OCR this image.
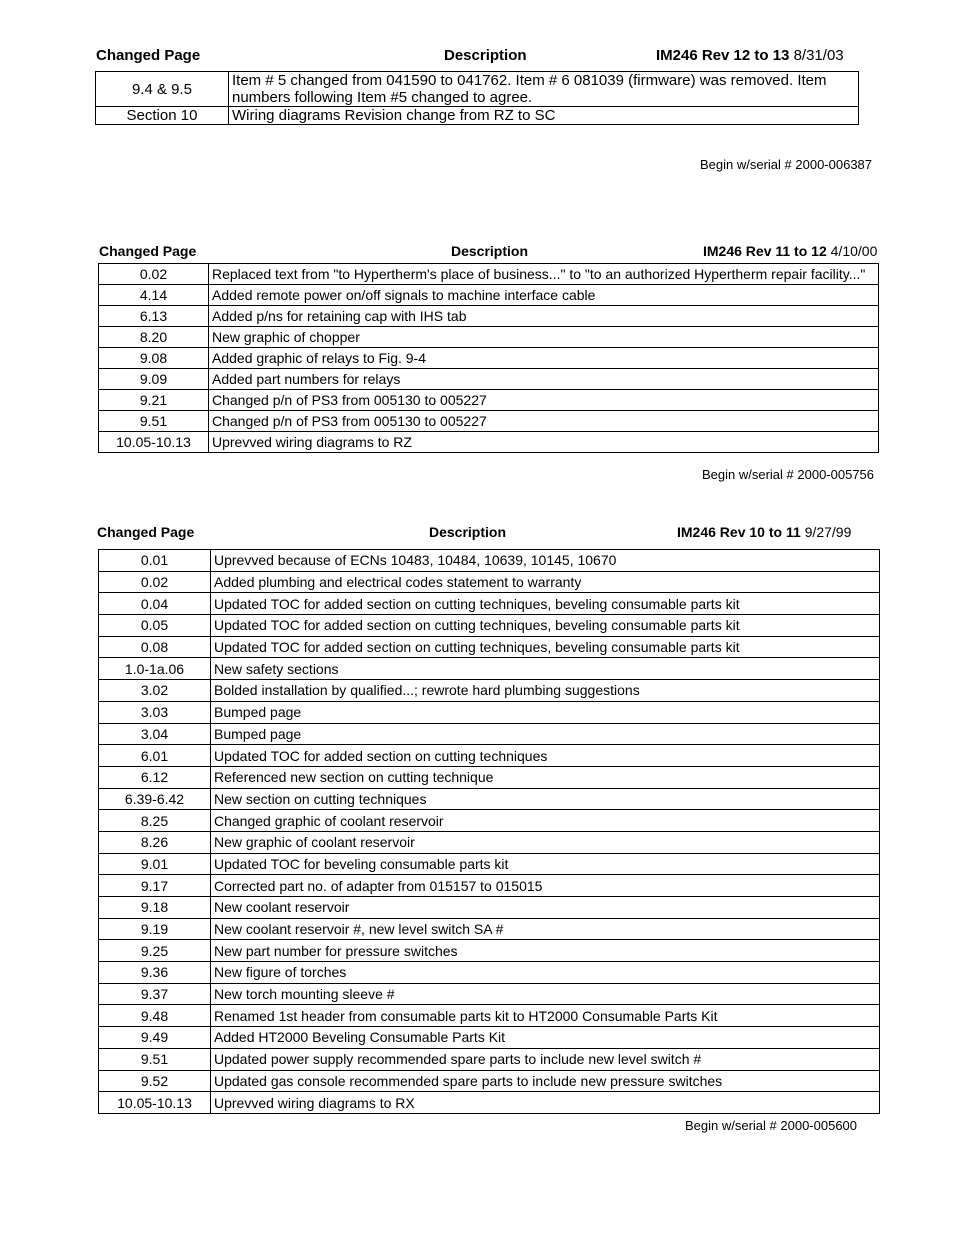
Changed Page	Description	IM246 Rev 12 to 13 8/31/03
9.4 & 9.5	Item # 5 changed from 041590 to 041762. Item # 6 081039 (firmware) was removed. Item numbers following Item #5 changed to agree.
Section 10	Wiring diagrams Revision change from RZ to SC
Begin w/serial # 2000-006387
Changed Page	Description	IM246 Rev 11 to 12 4/10/00
0.02	Replaced text from "to Hypertherm's place of business..." to "to an authorized Hypertherm repair facility..."
4.14	Added remote power on/off signals to machine interface cable
6.13	Added p/ns for retaining cap with IHS tab
8.20	New graphic of chopper
9.08	Added graphic of relays to Fig. 9-4
9.09	Added part numbers for relays
9.21	Changed p/n of PS3 from 005130 to 005227
9.51	Changed p/n of PS3 from 005130 to 005227
10.05-10.13	Uprevved wiring diagrams to RZ
Begin w/serial # 2000-005756
Changed Page	Description	IM246 Rev 10 to 11 9/27/99
0.01	Uprevved because of ECNs 10483, 10484, 10639, 10145, 10670
0.02	Added plumbing and electrical codes statement to warranty
0.04	Updated TOC for added section on cutting techniques, beveling consumable parts kit
0.05	Updated TOC for added section on cutting techniques, beveling consumable parts kit
0.08	Updated TOC for added section on cutting techniques, beveling consumable parts kit
1.0-1a.06	New safety sections
3.02	Bolded installation by qualified...; rewrote hard plumbing suggestions
3.03	Bumped page
3.04	Bumped page
6.01	Updated TOC for added section on cutting techniques
6.12	Referenced new section on cutting technique
6.39-6.42	New section on cutting techniques
8.25	Changed graphic of coolant reservoir
8.26	New graphic of coolant reservoir
9.01	Updated TOC for beveling consumable parts kit
9.17	Corrected part no. of adapter from 015157 to 015015
9.18	New coolant reservoir
9.19	New coolant reservoir #, new level switch SA #
9.25	New part number for pressure switches
9.36	New figure of torches
9.37	New torch mounting sleeve #
9.48	Renamed 1st header from consumable parts kit to HT2000 Consumable Parts Kit
9.49	Added HT2000 Beveling Consumable Parts Kit
9.51	Updated power supply recommended spare parts to include new level switch #
9.52	Updated gas console recommended spare parts to include new pressure switches
10.05-10.13	Uprevved wiring diagrams to RX
Begin w/serial # 2000-005600
